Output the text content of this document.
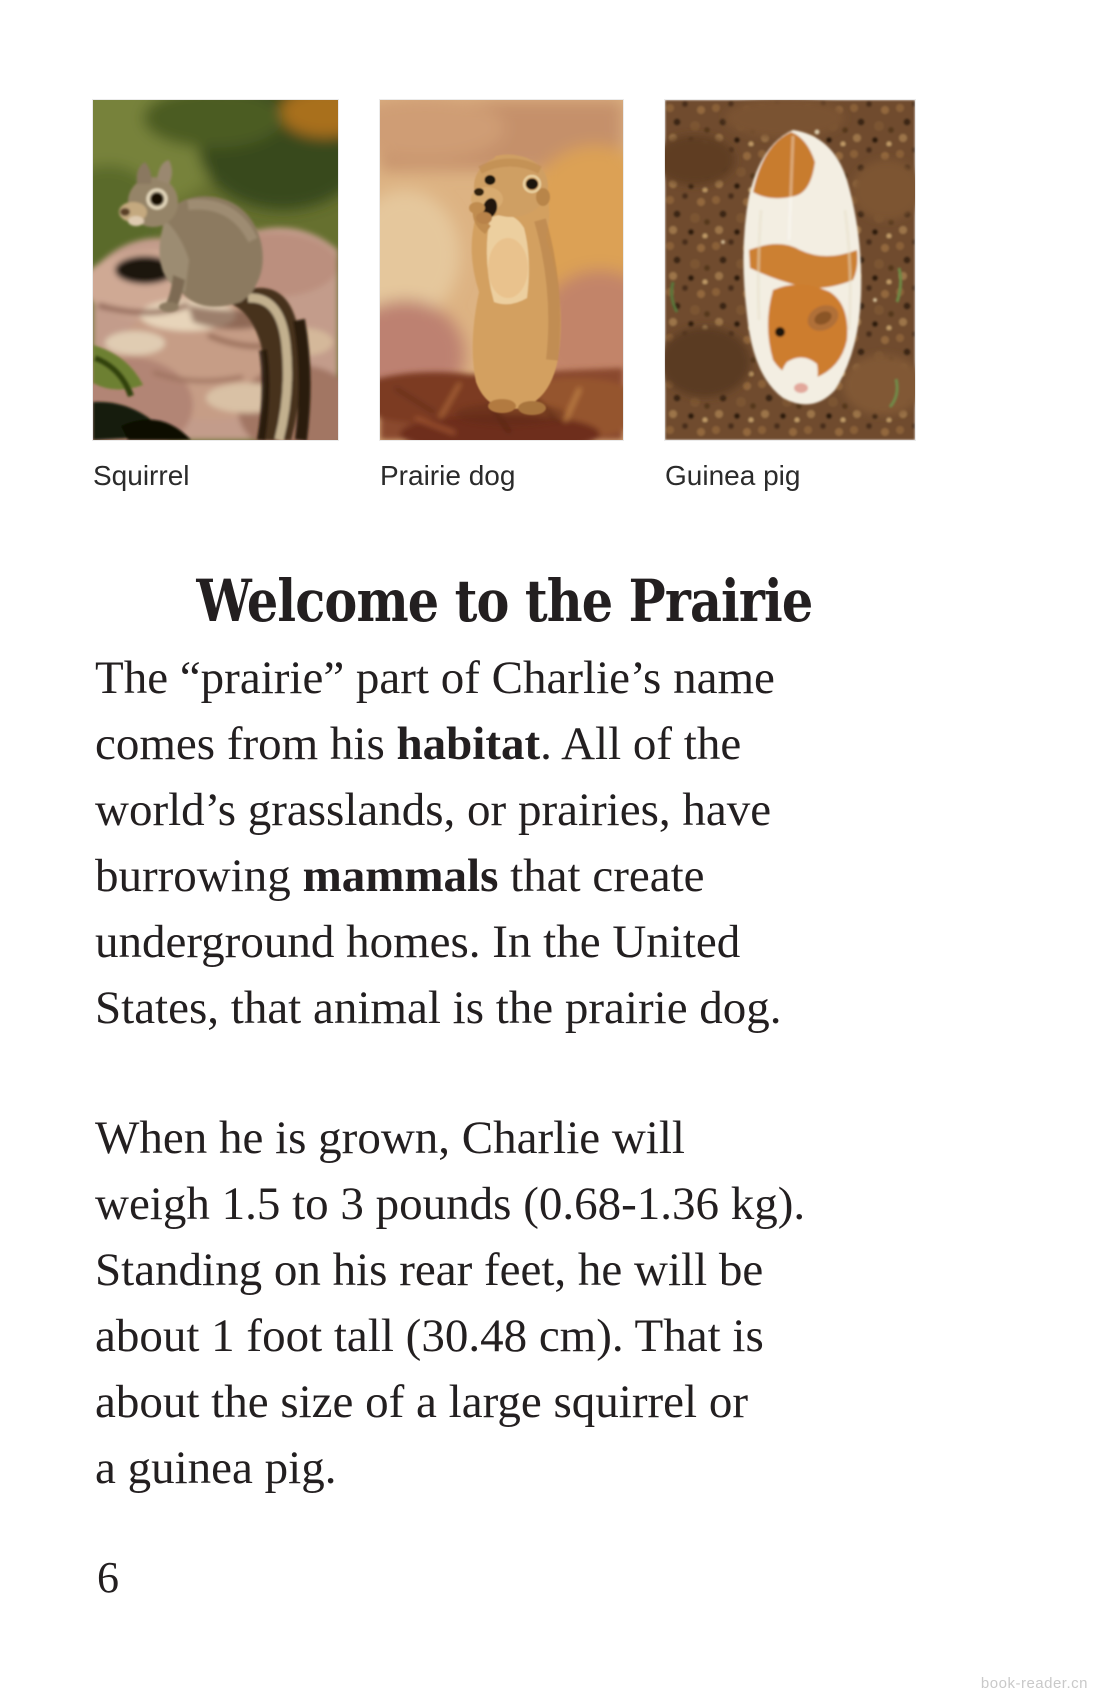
Squirrel	Prairie dog	Guinea pig
Welcome to the Prairie
The “prairie” part of Charlie’s name
comes from his habitat. All of the
world’s grasslands, or prairies, have
burrowing mammals that create
underground homes. In the United
States, that animal is the prairie dog.
When he is grown, Charlie will
weigh 1.5 to 3 pounds (0.68-1.36 kg).
Standing on his rear feet, he will be
about 1 foot tall (30.48 cm). That is
about the size of a large squirrel or
a guinea pig.
6
book-reader.cn
